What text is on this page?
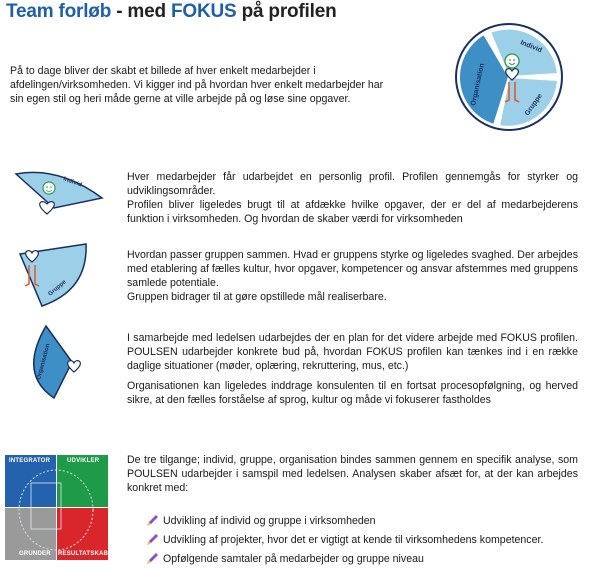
Team forløb - med FOKUS på profilen

På to dage bliver der skabt et billede af hver enkelt medarbejder i afdelingen/virksomheden. Vi kigger ind på hvordan hver enkelt medarbejder har sin egen stil og heri måde gerne at ville arbejde på og løse sine opgaver.

Individ
Organisation	Gruppe
Individ
Gruppe
Organisation
INTEGRATOR	UDVIKLER
GRUNDER RESULTATSKABER

Hver medarbejder får udarbejdet en personlig profil. Profilen gennemgås for styrker og udviklingsområder.

Profilen bliver ligeledes brugt til at afdække hvilke opgaver, der er del af medarbejderens funktion i virksomheden. Og hvordan de skaber værdi for virksomheden

Hvordan passer gruppen sammen. Hvad er gruppens styrke og ligeledes svaghed. Der arbejdes med etablering af fælles kultur, hvor opgaver, kompetencer og ansvar afstemmes med gruppens samlede potentiale.

Gruppen bidrager til at gøre opstillede mål realiserbare.

I samarbejde med ledelsen udarbejdes der en plan for det videre arbejde med FOKUS profilen. POULSEN udarbejder konkrete bud på, hvordan FOKUS profilen kan tænkes ind i en række daglige situationer (møder, oplæring, rekruttering, mus, etc.)

Organisationen kan ligeledes inddrage konsulenten til en fortsat procesopfølgning, og herved sikre, at den fælles forståelse af sprog, kultur og måde vi fokuserer fastholdes

De tre tilgange; individ, gruppe, organisation bindes sammen gennem en specifik analyse, som POULSEN udarbejder i samspil med ledelsen. Analysen skaber afsæt for, at der kan arbejdes konkret med:

Udvikling af individ og gruppe i virksomheden
Udvikling af projekter, hvor det er vigtigt at kende til virksomhedens kompetencer.
Opfølgende samtaler på medarbejder og gruppe niveau
